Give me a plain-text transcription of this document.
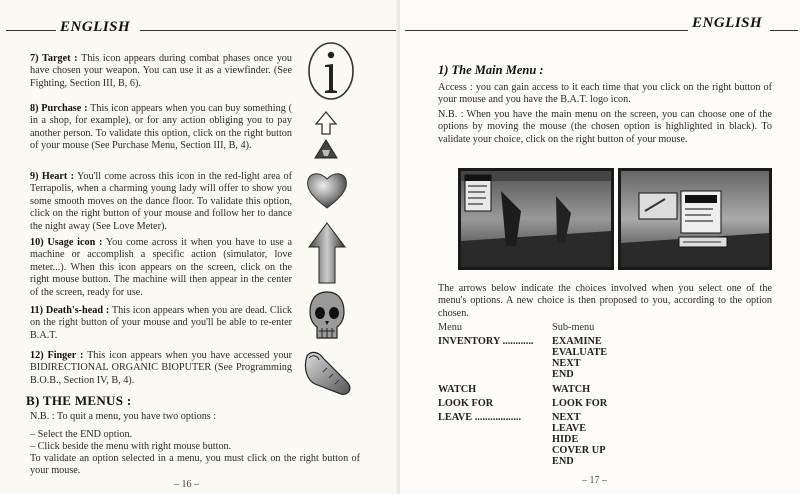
ENGLISH

7) Target : This icon appears during combat phases once you have chosen your weapon. You can use it as a viewfinder. (See Fighting, Section III, B, 6).

8) Purchase : This icon appears when you can buy something ( in a shop, for example), or for any action obliging you to pay another person. To validate this option, click on the right button of your mouse (See Purchase Menu, Section III, B, 4).

9) Heart : You'll come across this icon in the red-light area of Terrapolis, when a charming young lady will offer to show you some smooth moves on the dance floor. To validate this option, click on the right button of your mouse and follow her to dance the night away (See Love Meter).

10) Usage icon : You come across it when you have to use a machine or accomplish a specific action (simulator, love meter...). When this icon appears on the screen, click on the right mouse button. The machine will then appear in the center of the screen, ready for use.

11) Death's-head : This icon appears when you are dead. Click on the right button of your mouse and you'll be able to re-enter B.A.T.

12) Finger : This icon appears when you have accessed your BIDIRECTIONAL ORGANIC BIOPUTER (See Programming B.O.B., Section IV, B, 4).

B) THE MENUS :

N.B. : To quit a menu, you have two options :

– Select the END option.

– Click beside the menu with right mouse button.

To validate an option selected in a menu, you must click on the right button of your mouse.

– 16 –
ENGLISH
1) The Main Menu :

Access : you can gain access to it each time that you click on the right button of your mouse and you have the B.A.T. logo icon.

N.B. : When you have the main menu on the screen, you can choose one of the options by moving the mouse (the chosen option is highlighted in black). To validate your choice, click on the right button of your mouse.

The arrows below indicate the choices involved when you select one of the menu's options. A new choice is then proposed to you, according to the option chosen.

Menu	Sub-menu
INVENTORY ............ EXAMINE
EVALUATE
NEXT
END
WATCH	WATCH
LOOK FOR	LOOK FOR
LEAVE ..................	NEXT
LEAVE
HIDE
COVER UP
END
– 17 –
